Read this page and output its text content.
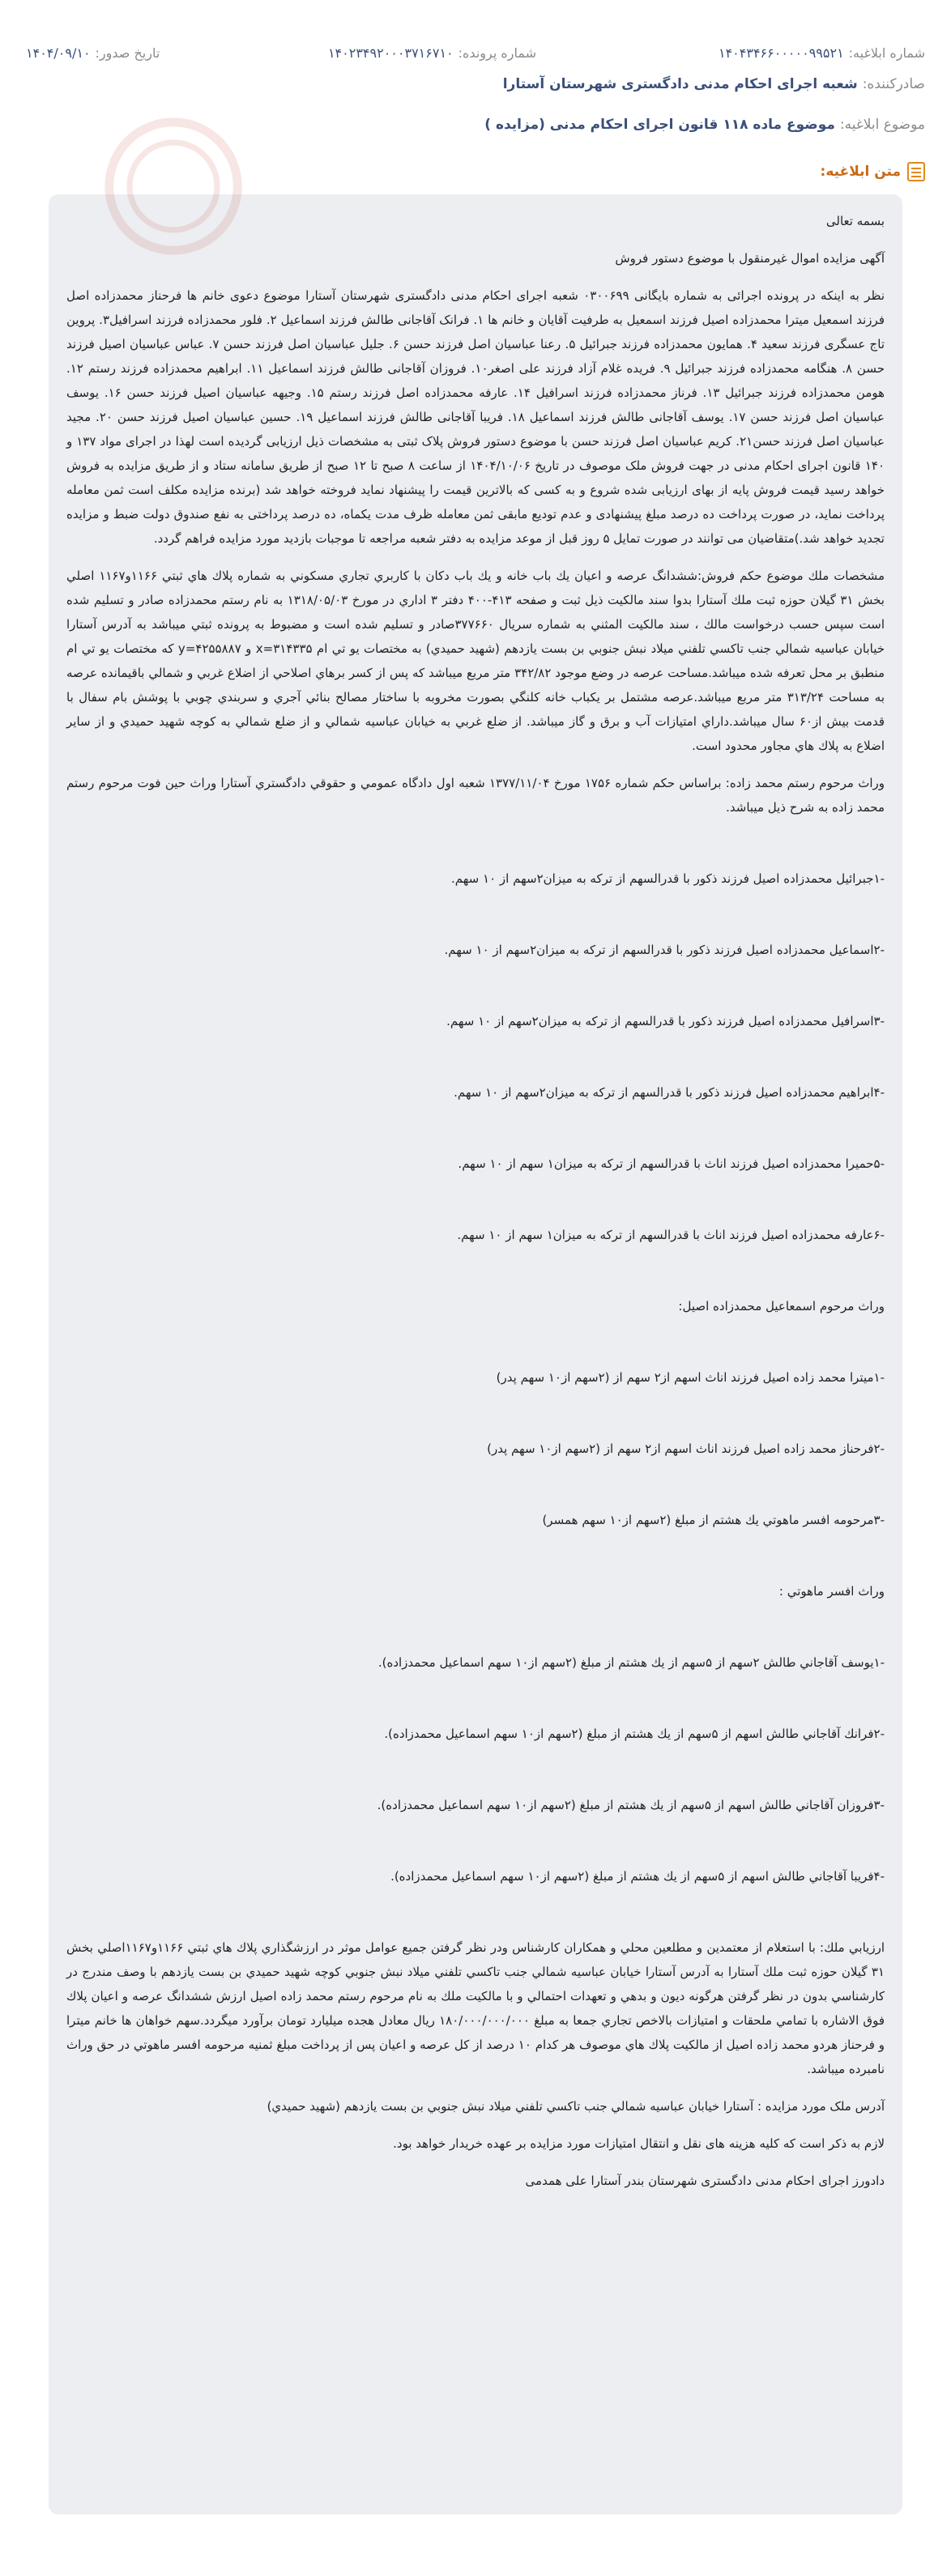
شماره ابلاغیه:
۱۴۰۴۳۴۶۶۰۰۰۰۰۹۹۵۲۱
شماره پرونده:
۱۴۰۲۳۴۹۲۰۰۰۳۷۱۶۷۱۰
تاریخ صدور:
۱۴۰۴/۰۹/۱۰
صادرکننده:
شعبه اجرای احکام مدنی دادگستری شهرستان آستارا
موضوع ابلاغیه:
موضوع ماده ۱۱۸ قانون اجرای احکام مدنی (مزایده )
متن ابلاغیه:

بسمه تعالی

آگهی مزایده اموال غیرمنقول با موضوع دستور فروش

نظر به اینکه در پرونده اجرائی به شماره بایگانی ۰۳۰۰۶۹۹ شعبه اجرای احکام مدنی دادگستری شهرستان آستارا موضوع دعوی خانم ها فرحناز محمدزاده اصل فرزند اسمعیل میترا محمدزاده اصیل فرزند اسمعیل به طرفیت آقایان و خانم ها ۱. فرانک آقاجانی طالش فرزند اسماعیل ۲. فلور محمدزاده فرزند اسرافیل۳. پروین تاج عسگری فرزند سعید ۴. همایون محمدزاده فرزند جبرائیل ۵. رعنا عباسیان اصل فرزند حسن ۶. جلیل عباسیان اصل فرزند حسن ۷. عباس عباسیان اصیل فرزند حسن ۸. هنگامه محمدزاده فرزند جبرائیل ۹. فریده غلام آزاد فرزند علی اصغر۱۰. فروزان آقاجانی طالش فرزند اسماعیل ۱۱. ابراهیم محمدزاده فرزند رستم ۱۲. هومن محمدزاده فرزند جبرائیل ۱۳. فرناز محمدزاده فرزند اسرافیل ۱۴. عارفه محمدزاده اصل فرزند رستم ۱۵. وجیهه عباسیان اصیل فرزند حسن ۱۶. یوسف عباسیان اصل فرزند حسن ۱۷. یوسف آقاجانی طالش فرزند اسماعیل ۱۸. فریبا آقاجانی طالش فرزند اسماعیل ۱۹. حسین عباسیان اصیل فرزند حسن ۲۰. مجید عباسیان اصل فرزند حسن۲۱. کریم عباسیان اصل فرزند حسن با موضوع دستور فروش پلاک ثبتی به مشخصات ذیل ارزیابی گردیده است لهذا در اجرای مواد ۱۳۷ و ۱۴۰ قانون اجرای احکام مدنی در جهت فروش ملک موصوف در تاریخ ۱۴۰۴/۱۰/۰۶ از ساعت ۸ صبح تا ۱۲ صبح از طریق سامانه ستاد و از طریق مزایده به فروش خواهد رسید قیمت فروش پایه از بهای ارزیابی شده شروع و به کسی که بالاترین قیمت را پیشنهاد نماید فروخته خواهد شد (برنده مزایده مکلف است ثمن معامله پرداخت نماید، در صورت پرداخت ده درصد مبلغ پیشنهادی و عدم تودیع مابقی ثمن معامله ظرف مدت یکماه، ده درصد پرداختی به نفع صندوق دولت ضبط و مزایده تجدید خواهد شد.)متقاضیان می توانند در صورت تمایل ۵ روز قبل از موعد مزایده به دفتر شعبه مراجعه تا موجبات بازدید مورد مزایده فراهم گردد.

مشخصات ملك موضوع حكم فروش:ششدانگ عرصه و اعیان یك باب خانه و یك باب دكان با كاربري تجاري مسكوني به شماره پلاك هاي ثبتي ۱۱۶۶و۱۱۶۷ اصلي بخش ۳۱ گيلان حوزه ثبت ملك آستارا بدوا سند مالكيت ذيل ثبت و صفحه ۴۱۳-۴۰۰ دفتر ۳ اداري در مورخ ۱۳۱۸/۰۵/۰۳ به نام رستم محمدزاده صادر و تسليم شده است سپس حسب درخواست مالك ، سند مالكيت المثني به شماره سريال ۳۷۷۶۶۰صادر و تسليم شده است و مضبوط به پرونده ثبتي ميباشد به آدرس آستارا خيابان عباسيه شمالي جنب تاكسي تلفني ميلاد نبش جنوبي بن بست يازدهم (شهيد حميدي) به مختصات يو تي ام ۳۱۴۳۳۵=x و ۴۲۵۵۸۸۷=y كه مختصات يو تي ام منطبق بر محل تعرفه شده ميباشد.مساحت عرصه در وضع موجود ۳۴۲/۸۲ متر مربع ميباشد كه پس از كسر برهاي اصلاحي از اضلاع غربي و شمالي باقيمانده عرصه به مساحت ۳۱۳/۲۴ متر مربع ميباشد.عرصه مشتمل بر يكباب خانه كلنگي بصورت مخروبه با ساختار مصالح بنائي آجري و سربندي چوبي با پوشش بام سفال با قدمت بيش از۶۰ سال ميباشد.داراي امتيازات آب و برق و گاز ميباشد. از ضلع غربي به خيابان عباسيه شمالي و از ضلع شمالي به كوچه شهيد حميدي و از ساير اضلاع به پلاك هاي مجاور محدود است.

وراث مرحوم رستم محمد زاده: براساس حكم شماره ۱۷۵۶ مورخ ۱۳۷۷/۱۱/۰۴ شعبه اول دادگاه عمومي و حقوقي دادگستري آستارا وراث حين فوت مرحوم رستم محمد زاده به شرح ذيل ميباشد.

-۱جبرائیل محمدزاده اصیل فرزند ذکور با قدرالسهم از ترکه به میزان۲سهم از ۱۰ سهم.

-۲اسماعیل محمدزاده اصیل فرزند ذکور با قدرالسهم از ترکه به میزان۲سهم از ۱۰ سهم.

-۳اسرافیل محمدزاده اصیل فرزند ذکور با قدرالسهم از ترکه به میزان۲سهم از ۱۰ سهم.

-۴ابراهیم محمدزاده اصیل فرزند ذکور با قدرالسهم از ترکه به میزان۲سهم از ۱۰ سهم.

-۵حمیرا محمدزاده اصیل فرزند اناث با قدرالسهم از ترکه به میزان۱ سهم از ۱۰ سهم.

-۶عارفه محمدزاده اصیل فرزند اناث با قدرالسهم از ترکه به میزان۱ سهم از ۱۰ سهم.

وراث مرحوم اسمعاعیل محمدزاده اصیل:

-۱میترا محمد زاده اصیل فرزند اناث اسهم از۲ سهم از (۲سهم از۱۰ سهم پدر)

-۲فرحناز محمد زاده اصیل فرزند اناث اسهم از۲ سهم از (۲سهم از۱۰ سهم پدر)

-۳مرحومه افسر ماهوتي يك هشتم از مبلغ (۲سهم از۱۰ سهم همسر)

وراث افسر ماهوتي :

-۱یوسف آقاجاني طالش ۲سهم از ۵سهم از يك هشتم از مبلغ (۲سهم از۱۰ سهم اسماعيل محمدزاده).

-۲فرانك آقاجاني طالش اسهم از ۵سهم از يك هشتم از مبلغ (۲سهم از۱۰ سهم اسماعيل محمدزاده).

-۳فروزان آقاجاني طالش اسهم از ۵سهم از يك هشتم از مبلغ (۲سهم از۱۰ سهم اسماعيل محمدزاده).

-۴فريبا آقاجاني طالش اسهم از ۵سهم از يك هشتم از مبلغ (۲سهم از۱۰ سهم اسماعيل محمدزاده).

ارزيابي ملك: با استعلام از معتمدين و مطلعين محلي و همكاران كارشناس ودر نظر گرفتن جميع عوامل موثر در ارزشگذاري پلاك هاي ثبتي ۱۱۶۶و۱۱۶۷اصلي بخش ۳۱ گيلان حوزه ثبت ملك آستارا به آدرس آستارا خيابان عباسيه شمالي جنب تاكسي تلفني ميلاد نبش جنوبي كوچه شهيد حميدي بن بست يازدهم با وصف مندرج در كارشناسي بدون در نظر گرفتن هرگونه ديون و بدهي و تعهدات احتمالي و با مالكيت ملك به نام مرحوم رستم محمد زاده اصيل ارزش ششدانگ عرصه و اعيان پلاك فوق الاشاره با تمامي ملحقات و امتيازات بالاخص تجاري جمعا به مبلغ ۱۸۰/۰۰۰/۰۰۰/۰۰۰ ريال معادل هجده ميليارد تومان برآورد ميگردد.سهم خواهان ها خانم ميترا و فرحناز هردو محمد زاده اصيل از مالكيت پلاك هاي موصوف هر كدام ۱۰ درصد از كل عرصه و اعيان پس از پرداخت مبلغ ثمنيه مرحومه افسر ماهوتي در حق وراث نامبرده ميباشد.

آدرس ملک مورد مزایده : آستارا خيابان عباسيه شمالي جنب تاكسي تلفني ميلاد نبش جنوبي بن بست يازدهم (شهيد حميدي)

لازم به ذکر است که کلیه هزینه های نقل و انتقال امتیازات مورد مزایده بر عهده خریدار خواهد بود.

دادورز اجرای احکام مدنی دادگستری شهرستان بندر آستارا علی همدمی
